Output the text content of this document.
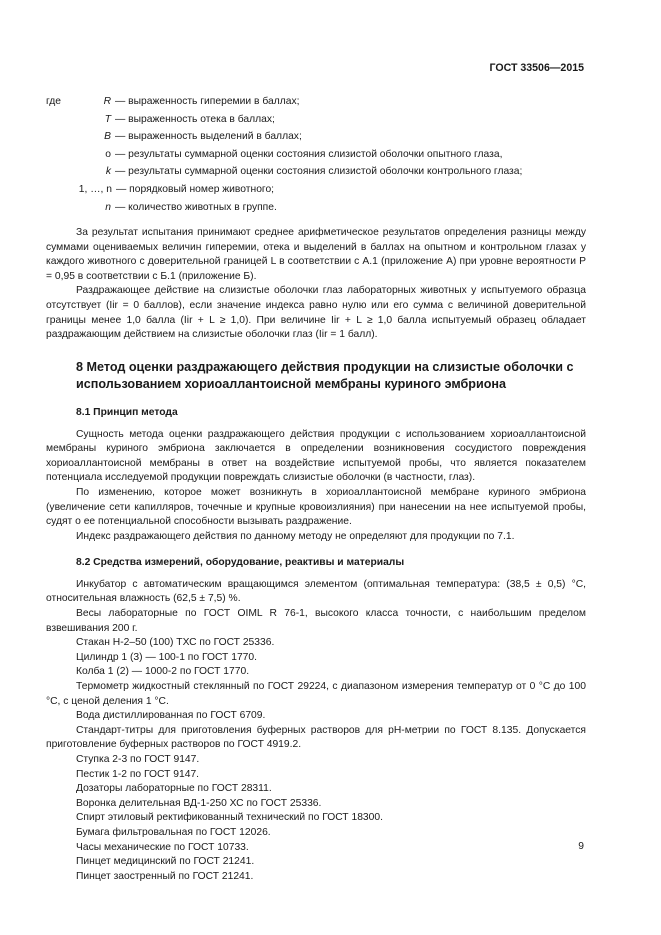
ГОСТ 33506—2015
где	R — выраженность гиперемии в баллах;
T — выраженность отека в баллах;
B — выраженность выделений в баллах;
o — результаты суммарной оценки состояния слизистой оболочки опытного глаза,
k — результаты суммарной оценки состояния слизистой оболочки контрольного глаза;
1, …, n — порядковый номер животного;
n — количество животных в группе.

За результат испытания принимают среднее арифметическое результатов определения разницы между суммами оцениваемых величин гиперемии, отека и выделений в баллах на опытном и контрольном глазах у каждого животного с доверительной границей L в соответствии с А.1 (приложение А) при уровне вероятности P = 0,95 в соответствии с Б.1 (приложение Б).

Раздражающее действие на слизистые оболочки глаз лабораторных животных у испытуемого образца отсутствует (Iir = 0 баллов), если значение индекса равно нулю или его сумма с величиной доверительной границы менее 1,0 балла (Iir + L ≥ 1,0). При величине Iir + L ≥ 1,0 балла испытуемый образец обладает раздражающим действием на слизистые оболочки глаз (Iir = 1 балл).

8 Метод оценки раздражающего действия продукции на слизистые оболочки с использованием хориоаллантоисной мембраны куриного эмбриона
8.1 Принцип метода

Сущность метода оценки раздражающего действия продукции с использованием хориоаллантоисной мембраны куриного эмбриона заключается в определении возникновения сосудистого повреждения хориоаллантоисной мембраны в ответ на воздействие испытуемой пробы, что является показателем потенциала исследуемой продукции повреждать слизистые оболочки (в частности, глаз).

По изменению, которое может возникнуть в хориоаллантоисной мембране куриного эмбриона (увеличение сети капилляров, точечные и крупные кровоизлияния) при нанесении на нее испытуемой пробы, судят о ее потенциальной способности вызывать раздражение.

Индекс раздражающего действия по данному методу не определяют для продукции по 7.1.

8.2 Средства измерений, оборудование, реактивы и материалы

Инкубатор с автоматическим вращающимся элементом (оптимальная температура: (38,5 ± 0,5) °С, относительная влажность (62,5 ± 7,5) %.

Весы лабораторные по ГОСТ OIML R 76-1, высокого класса точности, с наибольшим пределом взвешивания 200 г.

Стакан Н-2–50 (100) ТХС по ГОСТ 25336.

Цилиндр 1 (3) — 100-1 по ГОСТ 1770.

Колба 1 (2) — 1000-2 по ГОСТ 1770.

Термометр жидкостный стеклянный по ГОСТ 29224, с диапазоном измерения температур от 0 °С до 100 °С, с ценой деления 1 °С.

Вода дистиллированная по ГОСТ 6709.

Стандарт-титры для приготовления буферных растворов для рН-метрии по ГОСТ 8.135. Допускается приготовление буферных растворов по ГОСТ 4919.2.

Ступка 2-3 по ГОСТ 9147.

Пестик 1-2 по ГОСТ 9147.

Дозаторы лабораторные по ГОСТ 28311.

Воронка делительная ВД-1-250 ХС по ГОСТ 25336.

Спирт этиловый ректификованный технический по ГОСТ 18300.

Бумага фильтровальная по ГОСТ 12026.

Часы механические по ГОСТ 10733.

Пинцет медицинский по ГОСТ 21241.

Пинцет заостренный по ГОСТ 21241.

9
